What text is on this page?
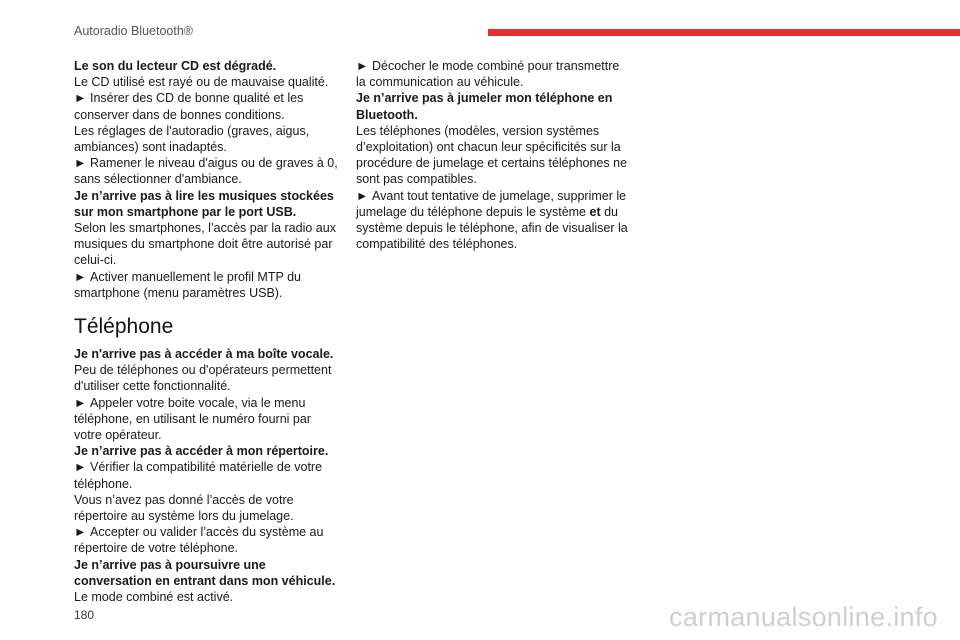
Autoradio Bluetooth®

Le son du lecteur CD est dégradé.

Le CD utilisé est rayé ou de mauvaise qualité.

► Insérer des CD de bonne qualité et les conserver dans de bonnes conditions.

Les réglages de l'autoradio (graves, aigus, ambiances) sont inadaptés.

► Ramener le niveau d'aigus ou de graves à 0, sans sélectionner d'ambiance.

Je n’arrive pas à lire les musiques stockées sur mon smartphone par le port USB.

Selon les smartphones, l’accès par la radio aux musiques du smartphone doit être autorisé par celui-ci.

► Activer manuellement le profil MTP du smartphone (menu paramètres USB).

Téléphone

Je n'arrive pas à accéder à ma boîte vocale.

Peu de téléphones ou d'opérateurs permettent d'utiliser cette fonctionnalité.

► Appeler votre boite vocale, via le menu téléphone, en utilisant le numéro fourni par votre opérateur.

Je n’arrive pas à accéder à mon répertoire.

► Vérifier la compatibilité matérielle de votre téléphone.

Vous n’avez pas donné l’accès de votre répertoire au système lors du jumelage.

► Accepter ou valider l’accès du système au répertoire de votre téléphone.

Je n’arrive pas à poursuivre une conversation en entrant dans mon véhicule.

Le mode combiné est activé.

► Décocher le mode combiné pour transmettre la communication au véhicule.

Je n’arrive pas à jumeler mon téléphone en Bluetooth.

Les téléphones (modèles, version systèmes d’exploitation) ont chacun leur spécificités sur la procédure de jumelage et certains téléphones ne sont pas compatibles.

► Avant tout tentative de jumelage, supprimer le jumelage du téléphone depuis le système et du système depuis le téléphone, afin de visualiser la compatibilité des téléphones.

180	carmanualsonline.info
